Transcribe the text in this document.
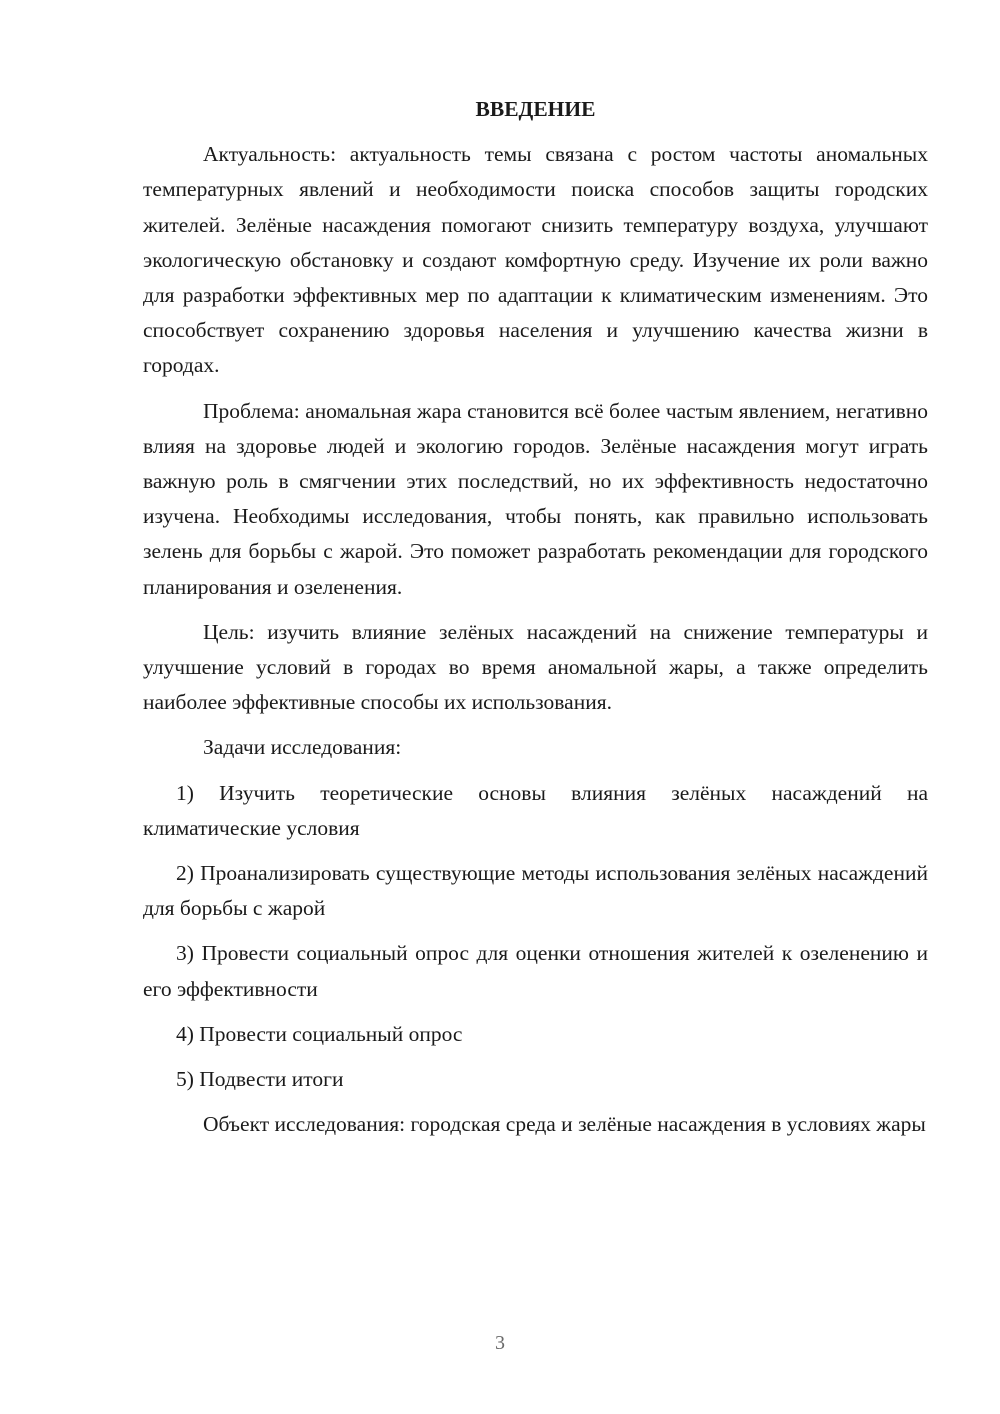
ВВЕДЕНИЕ

Актуальность: актуальность темы связана с ростом частоты аномальных температурных явлений и необходимости поиска способов защиты городских жителей. Зелёные насаждения помогают снизить температуру воздуха, улучшают экологическую обстановку и создают комфортную среду. Изучение их роли важно для разработки эффективных мер по адаптации к климатическим изменениям. Это способствует сохранению здоровья населения и улучшению качества жизни в городах.

Проблема: аномальная жара становится всё более частым явлением, негативно влияя на здоровье людей и экологию городов. Зелёные насаждения могут играть важную роль в смягчении этих последствий, но их эффективность недостаточно изучена. Необходимы исследования, чтобы понять, как правильно использовать зелень для борьбы с жарой. Это поможет разработать рекомендации для городского планирования и озеленения.

Цель: изучить влияние зелёных насаждений на снижение температуры и улучшение условий в городах во время аномальной жары, а также определить наиболее эффективные способы их использования.

Задачи исследования:

1) Изучить теоретические основы влияния зелёных насаждений на климатические условия

2) Проанализировать существующие методы использования зелёных насаждений для борьбы с жарой

3) Провести социальный опрос для оценки отношения жителей к озеленению и его эффективности

4) Провести социальный опрос

5) Подвести итоги

Объект исследования: городская среда и зелёные насаждения в условиях жары

3
